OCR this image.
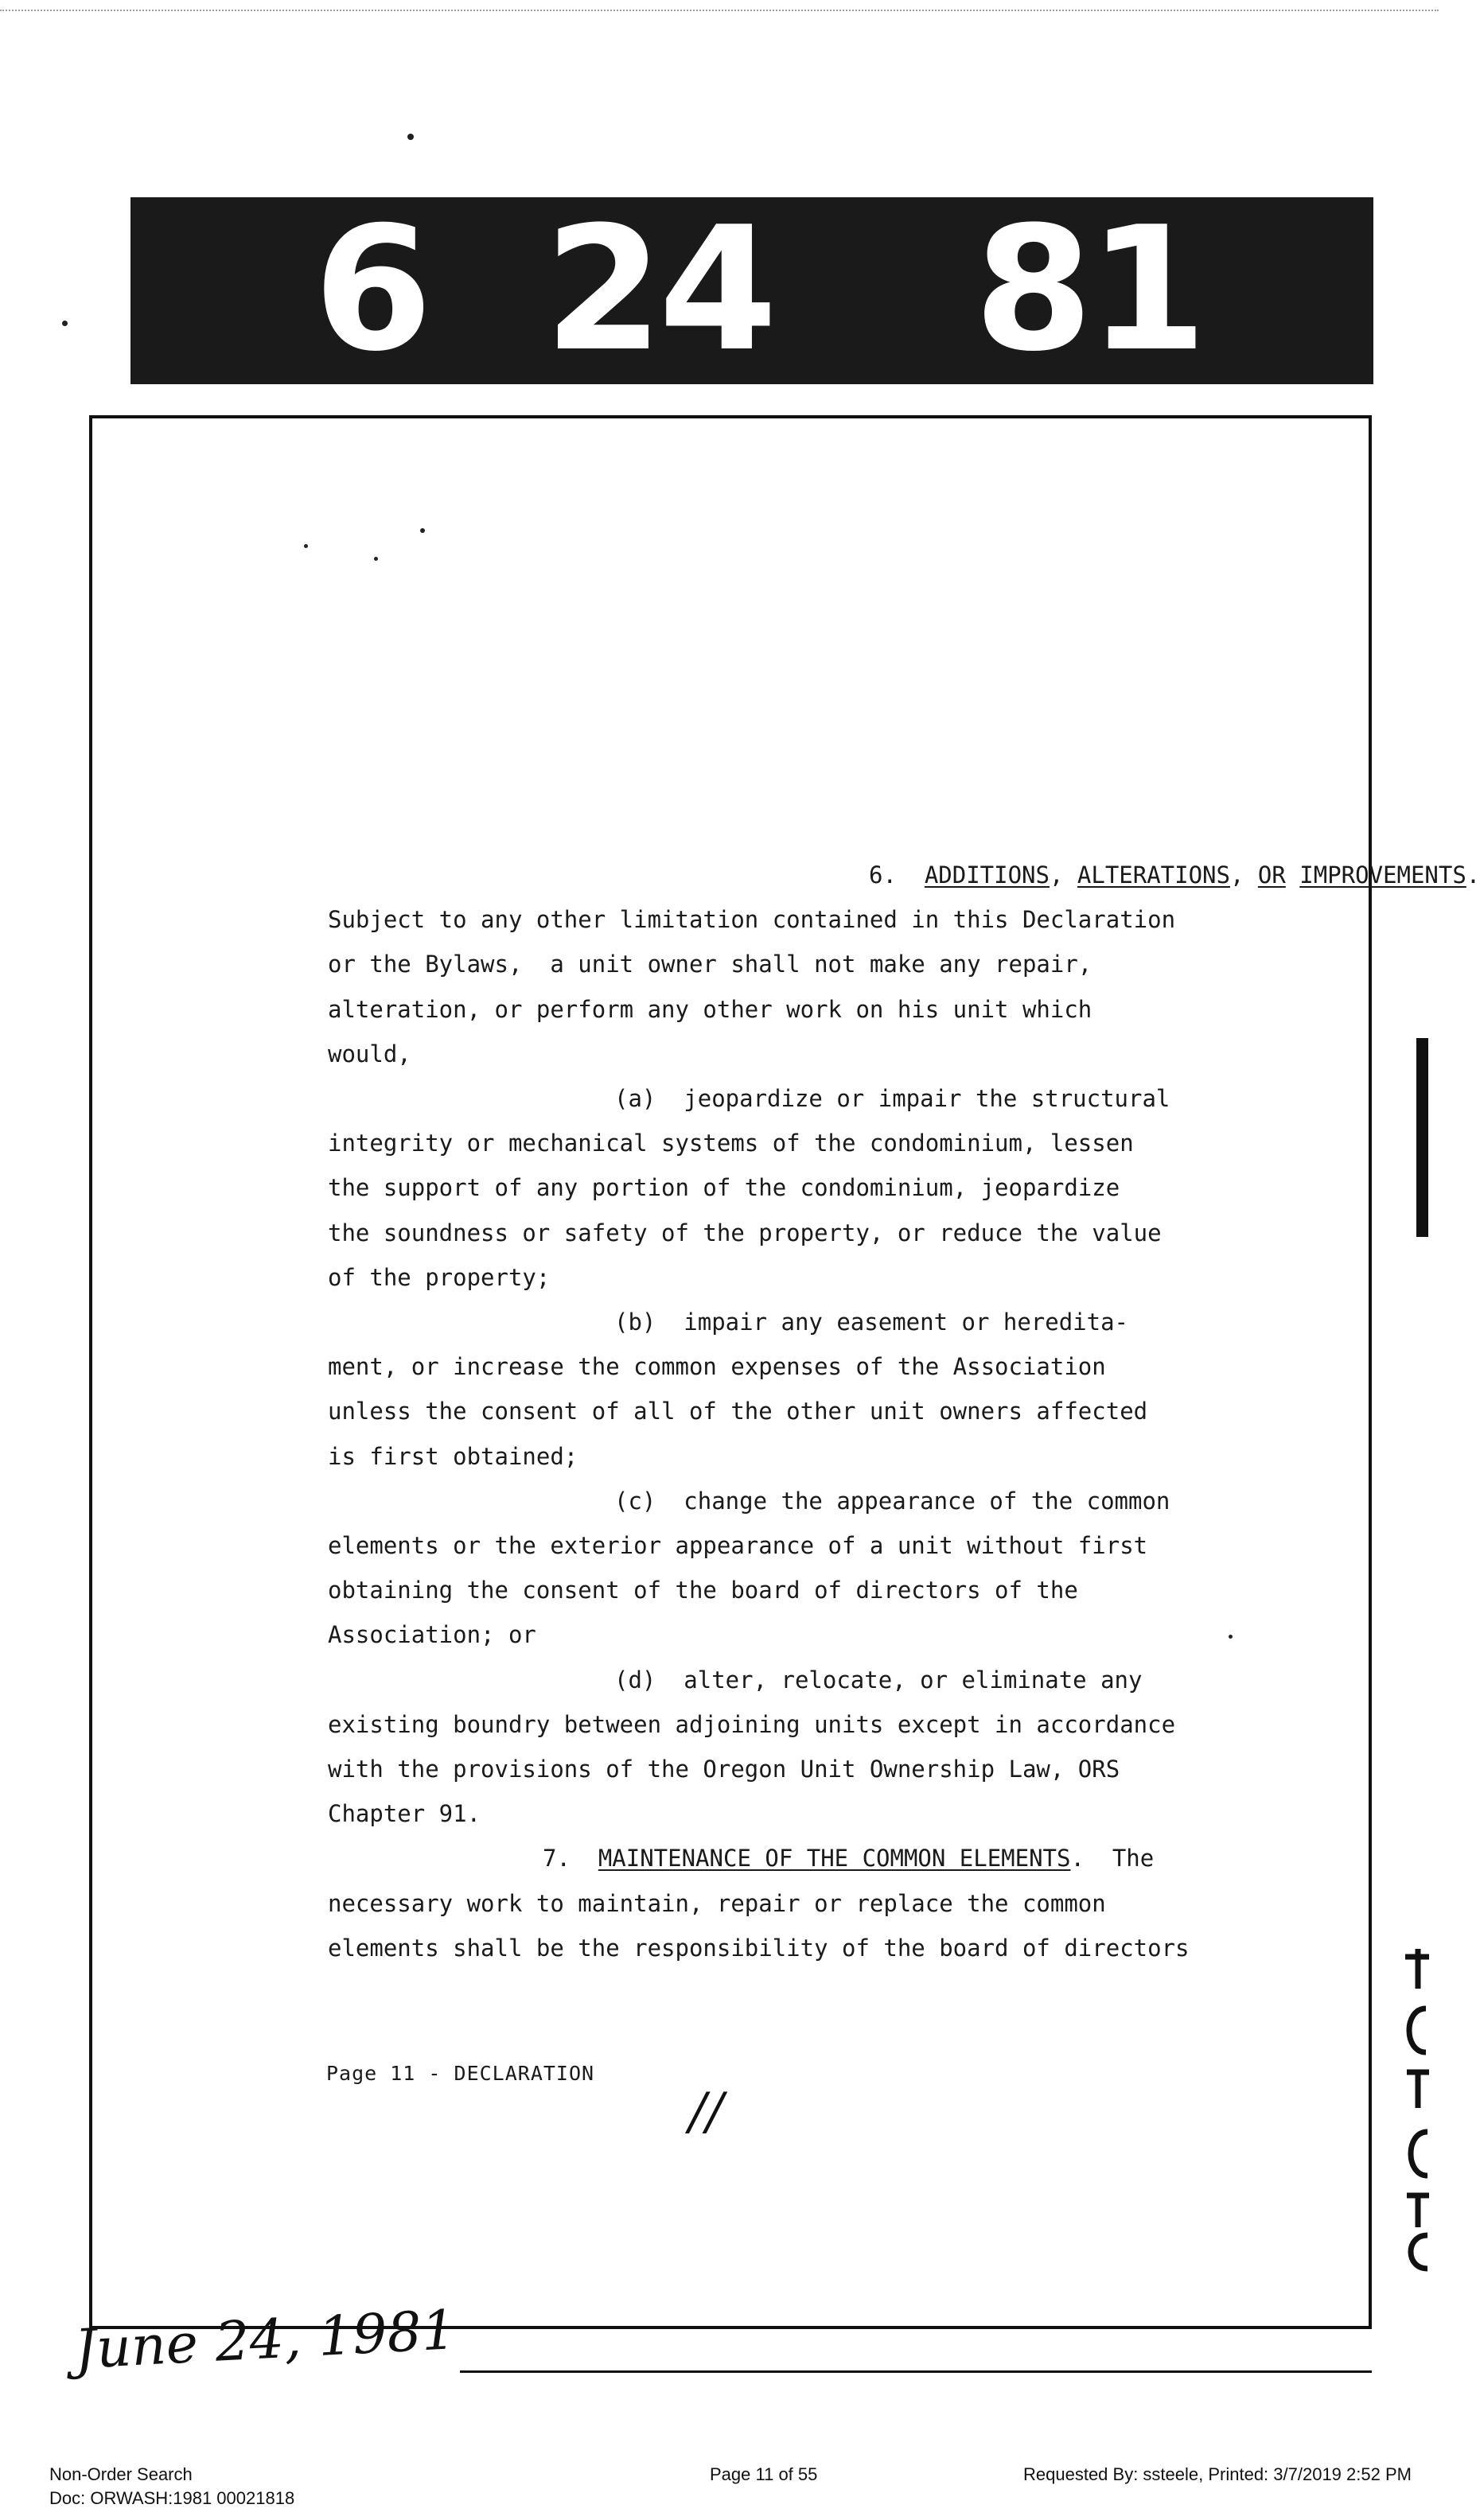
6 24 81
6.  ADDITIONS, ALTERATIONS, OR IMPROVEMENTS.
Subject to any other limitation contained in this Declaration
or the Bylaws,  a unit owner shall not make any repair,
alteration, or perform any other work on his unit which
would,
(a)  jeopardize or impair the structural
integrity or mechanical systems of the condominium, lessen
the support of any portion of the condominium, jeopardize
the soundness or safety of the property, or reduce the value
of the property;
(b)  impair any easement or heredita-
ment, or increase the common expenses of the Association
unless the consent of all of the other unit owners affected
is first obtained;
(c)  change the appearance of the common
elements or the exterior appearance of a unit without first
obtaining the consent of the board of directors of the
Association; or
(d)  alter, relocate, or eliminate any
existing boundry between adjoining units except in accordance
with the provisions of the Oregon Unit Ownership Law, ORS
Chapter 91.
7.  MAINTENANCE OF THE COMMON ELEMENTS.  The
necessary work to maintain, repair or replace the common
elements shall be the responsibility of the board of directors
Page 11 - DECLARATION
//
June 24, 1981
Non-Order Search
Doc: ORWASH:1981 00021818
Page 11 of 55	Requested By: ssteele, Printed: 3/7/2019 2:52 PM
